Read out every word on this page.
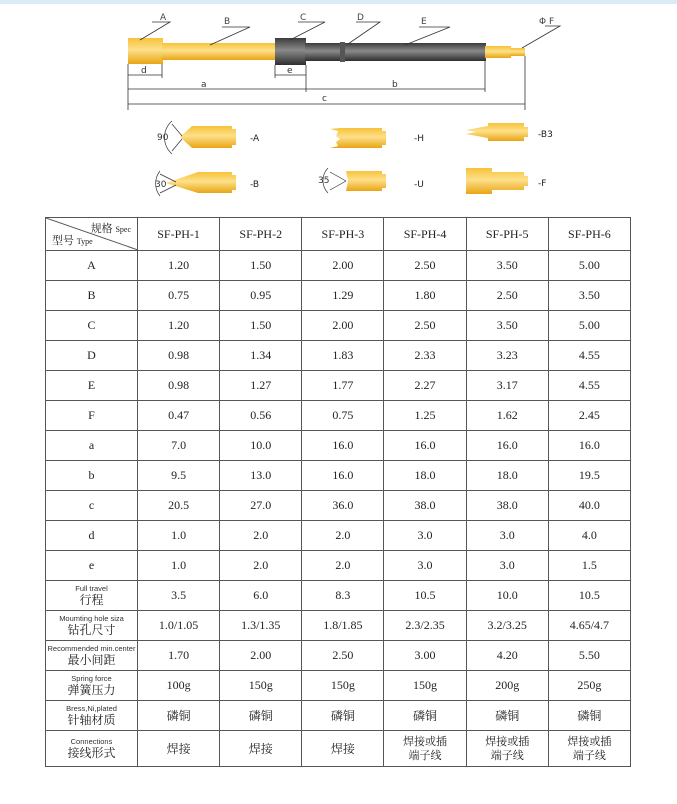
A	B	C	D	E	Φ F
d
a
e
b
c
90	-A	-H	-B3
30	-B	35	-U	-F
规格 Spec
型号 Type	SF-PH-1	SF-PH-2	SF-PH-3	SF-PH-4	SF-PH-5	SF-PH-6
A	1.20	1.50	2.00	2.50	3.50	5.00
B	0.75	0.95	1.29	1.80	2.50	3.50
C	1.20	1.50	2.00	2.50	3.50	5.00
D	0.98	1.34	1.83	2.33	3.23	4.55
E	0.98	1.27	1.77	2.27	3.17	4.55
F	0.47	0.56	0.75	1.25	1.62	2.45
a	7.0	10.0	16.0	16.0	16.0	16.0
b	9.5	13.0	16.0	18.0	18.0	19.5
c	20.5	27.0	36.0	38.0	38.0	40.0
d	1.0	2.0	2.0	3.0	3.0	4.0
e	1.0	2.0	2.0	3.0	3.0	1.5

Full travel
行程	3.5	6.0	8.3	10.5	10.0	10.5

Moumting hole siza
钻孔尺寸	1.0/1.05	1.3/1.35	1.8/1.85	2.3/2.35	3.2/3.25	4.65/4.7

Recommended min.center
最小间距	1.70	2.00	2.50	3.00	4.20	5.50

Spring force
弹簧压力	100g	150g	150g	150g	200g	250g

Bress,Ni,plated
针轴材质	磷铜	磷铜	磷铜	磷铜	磷铜	磷铜

Connections
接线形式	焊接	焊接	焊接	焊接或插端子线	焊接或插端子线	焊接或插端子线
